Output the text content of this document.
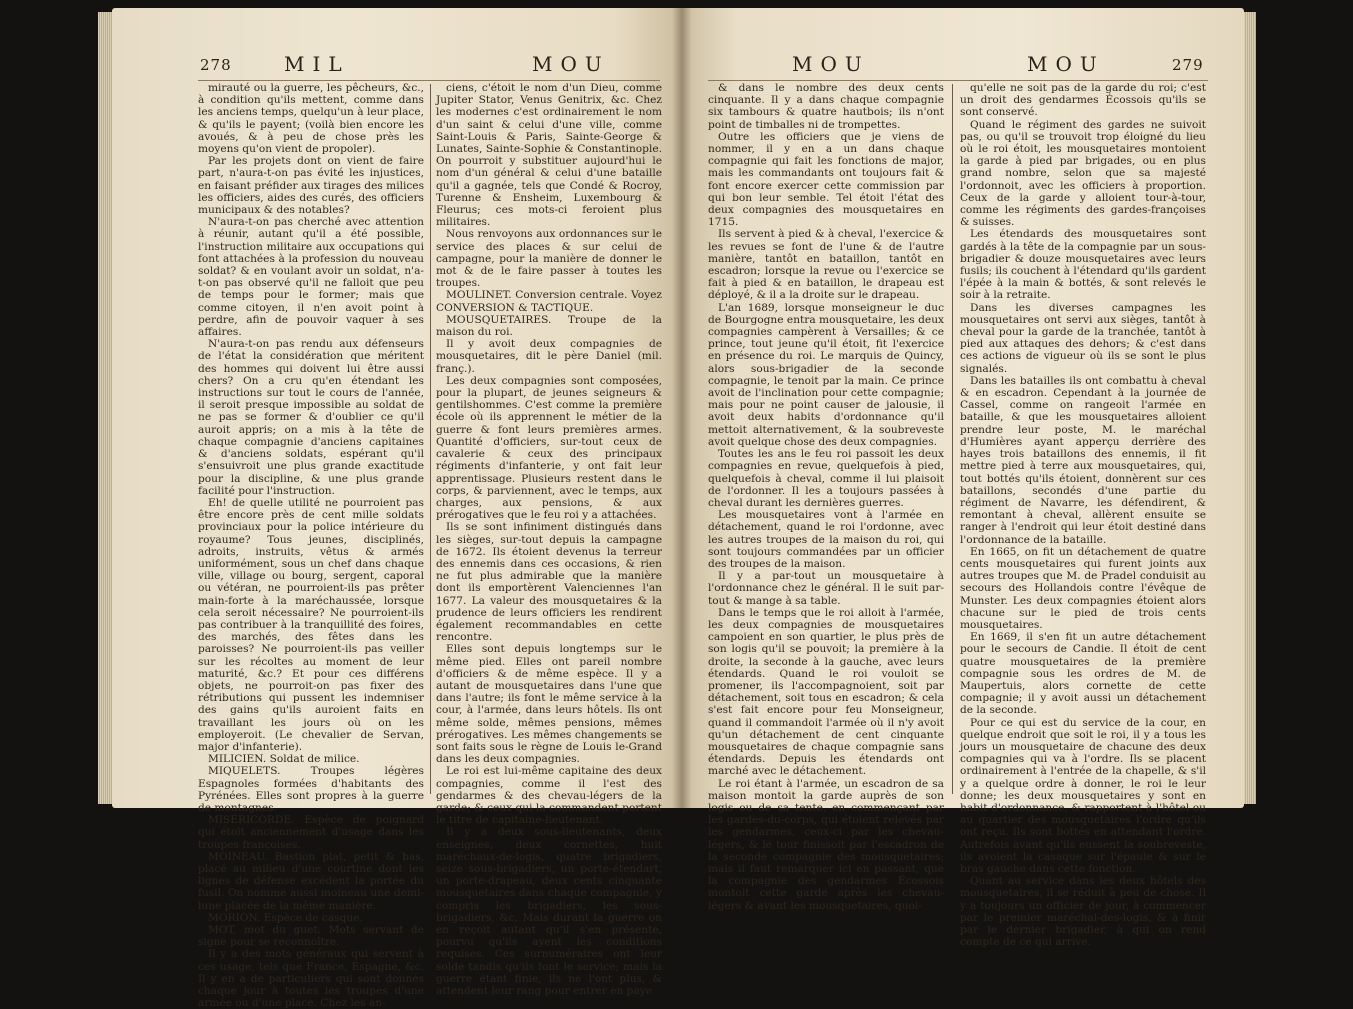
278	MIL	MOU

mirauté ou la guerre, les pêcheurs, &c., à condition qu'ils mettent, comme dans les anciens temps, quelqu'un à leur place, & qu'ils le payent; (voilà bien encore les avoués, & à peu de chose près les moyens qu'on vient de propoler).

Par les projets dont on vient de faire part, n'aura-t-on pas évité les injustices, en faisant préfider aux tirages des milices les officiers, aides des curés, des officiers municipaux & des notables?

N'aura-t-on pas cherché avec attention à réunir, autant qu'il a été possible, l'instruction militaire aux occupations qui font attachées à la profession du nouveau soldat? & en voulant avoir un soldat, n'a-t-on pas observé qu'il ne falloit que peu de temps pour le former; mais que comme citoyen, il n'en avoit point à perdre, afin de pouvoir vaquer à ses affaires.

N'aura-t-on pas rendu aux défenseurs de l'état la considération que méritent des hommes qui doivent lui être aussi chers? On a cru qu'en étendant les instructions sur tout le cours de l'année, il seroit presque impossible au soldat de ne pas se former & d'oublier ce qu'il auroit appris; on a mis à la tête de chaque compagnie d'anciens capitaines & d'anciens soldats, espérant qu'il s'ensuivroit une plus grande exactitude pour la discipline, & une plus grande facilité pour l'instruction.

Eh! de quelle utilité ne pourroient pas être encore près de cent mille soldats provinciaux pour la police intérieure du royaume? Tous jeunes, disciplinés, adroits, instruits, vêtus & armés uniformément, sous un chef dans chaque ville, village ou bourg, sergent, caporal ou vétéran, ne pourroient-ils pas prêter main-forte à la maréchaussée, lorsque cela seroit nécessaire? Ne pourroient-ils pas contribuer à la tranquillité des foires, des marchés, des fêtes dans les paroisses? Ne pourroient-ils pas veiller sur les récoltes au moment de leur maturité, &c.? Et pour ces différens objets, ne pourroit-on pas fixer des rétributions qui pussent les indemniser des gains qu'ils auroient faits en travaillant les jours où on les employeroit. (Le chevalier de Servan, major d'infanterie).

MILICIEN. Soldat de milice.

MIQUELETS. Troupes légères Espagnoles formées d'habitants des Pyrénées. Elles sont propres à la guerre de montagnes.

MISÉRICORDE. Espèce de poignard qui étoit anciennement d'usage dans les troupes françoises.

MOINEAU. Bastion plat, petit & bas, placé au milieu d'une courtine dont les lignes de défense excédent la portée du fusil. On nomme aussi moineau une demi-lune placée de la même manière.

MORION. Espèce de casque.

MOT, mot du guet. Mots servant de signe pour se reconnoître.

Il y a des mots généraux qui servent à ces usage, tels que France, Espagne, &c. Il y en a de particuliers qui sont donnés chaque jour à toutes les troupes d'une armée ou d'une place. Chez les an-

ciens, c'étoit le nom d'un Dieu, comme Jupiter Stator, Venus Genitrix, &c. Chez les modernes c'est ordinairement le nom d'un saint & celui d'une ville, comme Saint-Louis & Paris, Sainte-George & Lunates, Sainte-Sophie & Constantinople. On pourroit y substituer aujourd'hui le nom d'un général & celui d'une bataille qu'il a gagnée, tels que Condé & Rocroy, Turenne & Ensheim, Luxembourg & Fleurus; ces mots-ci feroient plus militaires.

Nous renvoyons aux ordonnances sur le service des places & sur celui de campagne, pour la manière de donner le mot & de le faire passer à toutes les troupes.

MOULINET. Conversion centrale. Voyez CONVERSION & TACTIQUE.

MOUSQUETAIRES. Troupe de la maison du roi.

Il y avoit deux compagnies de mousquetaires, dit le père Daniel (mil. franç.).

Les deux compagnies sont composées, pour la plupart, de jeunes seigneurs & gentilshommes. C'est comme la première école où ils apprennent le métier de la guerre & font leurs premières armes. Quantité d'officiers, sur-tout ceux de cavalerie & ceux des principaux régiments d'infanterie, y ont fait leur apprentissage. Plusieurs restent dans le corps, & parviennent, avec le temps, aux charges, aux pensions, & aux prérogatives que le feu roi y a attachées.

Ils se sont infiniment distingués dans les sièges, sur-tout depuis la campagne de 1672. Ils étoient devenus la terreur des ennemis dans ces occasions, & rien ne fut plus admirable que la manière dont ils emportèrent Valenciennes l'an 1677. La valeur des mousquetaires & la prudence de leurs officiers les rendirent également recommandables en cette rencontre.

Elles sont depuis longtemps sur le même pied. Elles ont pareil nombre d'officiers & de même espèce. Il y a autant de mousquetaires dans l'une que dans l'autre; ils font le même service à la cour, à l'armée, dans leurs hôtels. Ils ont même solde, mêmes pensions, mêmes prérogatives. Les mêmes changements se sont faits sous le règne de Louis le-Grand dans les deux compagnies.

Le roi est lui-même capitaine des deux compagnies, comme il l'est des gendarmes & des chevau-légers de la garde; & ceux qui la commandent portent le titre de capitaine-lieutenant.

Il y a deux sous-lieutenants, deux enseignes, deux cornettes, huit maréchaux-de-logis, quatre brigadiers, seize sous-brigadiers, un porte-étendart, un porte-drapeau, deux cents cinquante mousquetaires dans chaque compagnie, y compris les brigadiers, les sous-brigadiers, &c. Mais durant la guerre on en reçoit autant qu'il s'en présente, pourvu qu'ils ayent les conditions requises. Ces surnuméraires ont leur solde tandis qu'ils font le service; mais la guerre étant finie, ils ne l'ont plus, & attendent leur rang pour entrer en paye

MOU	MOU	279

& dans le nombre des deux cents cinquante. Il y a dans chaque compagnie six tambours & quatre hautbois; ils n'ont point de timballes ni de trompettes.

Outre les officiers que je viens de nommer, il y en a un dans chaque compagnie qui fait les fonctions de major, mais les commandants ont toujours fait & font encore exercer cette commission par qui bon leur semble. Tel étoit l'état des deux compagnies des mousquetaires en 1715.

Ils servent à pied & à cheval, l'exercice & les revues se font de l'une & de l'autre manière, tantôt en bataillon, tantôt en escadron; lorsque la revue ou l'exercice se fait à pied & en bataillon, le drapeau est déployé, & il a la droite sur le drapeau.

L'an 1689, lorsque monseigneur le duc de Bourgogne entra mousquetaire, les deux compagnies campèrent à Versailles; & ce prince, tout jeune qu'il étoit, fit l'exercice en présence du roi. Le marquis de Quincy, alors sous-brigadier de la seconde compagnie, le tenoit par la main. Ce prince avoit de l'inclination pour cette compagnie; mais pour ne point causer de jalousie, il avoit deux habits d'ordonnance qu'il mettoit alternativement, & la soubreveste avoit quelque chose des deux compagnies.

Toutes les ans le feu roi passoit les deux compagnies en revue, quelquefois à pied, quelquefois à cheval, comme il lui plaisoit de l'ordonner. Il les a toujours passées à cheval durant les dernières guerres.

Les mousquetaires vont à l'armée en détachement, quand le roi l'ordonne, avec les autres troupes de la maison du roi, qui sont toujours commandées par un officier des troupes de la maison.

Il y a par-tout un mousquetaire à l'ordonnance chez le général. Il le suit par-tout & mange à sa table.

Dans le temps que le roi alloit à l'armée, les deux compagnies de mousquetaires campoient en son quartier, le plus près de son logis qu'il se pouvoit; la première à la droite, la seconde à la gauche, avec leurs étendards. Quand le roi vouloit se promener, ils l'accompagnoient, soit par détachement, soit tous en escadron; & cela s'est fait encore pour feu Monseigneur, quand il commandoit l'armée où il n'y avoit qu'un détachement de cent cinquante mousquetaires de chaque compagnie sans étendards. Depuis les étendards ont marché avec le détachement.

Le roi étant à l'armée, un escadron de sa maison montoit la garde auprès de son logis ou de sa tente, en commençant par les gardes-du-corps, qui étoient relevés par les gendarmes, ceux-ci par les chevau-légers, & le tour finissoit par l'escadron de la seconde compagnie des mousquetaires; mais il faut remarquer ici en passant, que la compagnie des gendarmes Écossois montoit cette garde après les chevau-légers & avant les mousquetaires, quoi-

qu'elle ne soit pas de la garde du roi; c'est un droit des gendarmes Écossois qu'ils se sont conservé.

Quand le régiment des gardes ne suivoit pas, ou qu'il se trouvoit trop éloigné du lieu où le roi étoit, les mousquetaires montoient la garde à pied par brigades, ou en plus grand nombre, selon que sa majesté l'ordonnoit, avec les officiers à proportion. Ceux de la garde y alloient tour-à-tour, comme les régiments des gardes-françoises & suisses.

Les étendards des mousquetaires sont gardés à la tête de la compagnie par un sous-brigadier & douze mousquetaires avec leurs fusils; ils couchent à l'étendard qu'ils gardent l'épée à la main & bottés, & sont relevés le soir à la retraite.

Dans les diverses campagnes les mousquetaires ont servi aux sièges, tantôt à cheval pour la garde de la tranchée, tantôt à pied aux attaques des dehors; & c'est dans ces actions de vigueur où ils se sont le plus signalés.

Dans les batailles ils ont combattu à cheval & en escadron. Cependant à la journée de Cassel, comme on rangeoit l'armée en bataille, & que les mousquetaires alloient prendre leur poste, M. le maréchal d'Humières ayant apperçu derrière des hayes trois bataillons des ennemis, il fit mettre pied à terre aux mousquetaires, qui, tout bottés qu'ils étoient, donnèrent sur ces bataillons, secondés d'une partie du régiment de Navarre, les défendirent, & remontant à cheval, allèrent ensuite se ranger à l'endroit qui leur étoit destiné dans l'ordonnance de la bataille.

En 1665, on fit un détachement de quatre cents mousquetaires qui furent joints aux autres troupes que M. de Pradel conduisit au secours des Hollandois contre l'évêque de Munster. Les deux compagnies étoient alors chacune sur le pied de trois cents mousquetaires.

En 1669, il s'en fit un autre détachement pour le secours de Candie. Il étoit de cent quatre mousquetaires de la première compagnie sous les ordres de M. de Maupertuis, alors cornette de cette compagnie; il y avoit aussi un détachement de la seconde.

Pour ce qui est du service de la cour, en quelque endroit que soit le roi, il y a tous les jours un mousquetaire de chacune des deux compagnies qui va à l'ordre. Ils se placent ordinairement à l'entrée de la chapelle, & s'il y a quelque ordre à donner, le roi le leur donne; les deux mousquetaires y sont en habit d'ordonnance, & rapportent à l'hôtel ou au quartier des mousquetaires l'ordre qu'ils ont reçu. Ils sont bottés en attendant l'ordre. Autrefois avant qu'ils eussent la soubreveste, ils avoient la casaque sur l'épaule & sur le bras gauche dans cette fonction.

Quant au service dans les deux hôtels des mousquetaires, il se réduit à peu de chose. Il y a toujours un officier de jour, à commencer par le premier maréchal-des-logis, & à finir par le dernier brigadier, à qui on rend compte de ce qui arrive.
